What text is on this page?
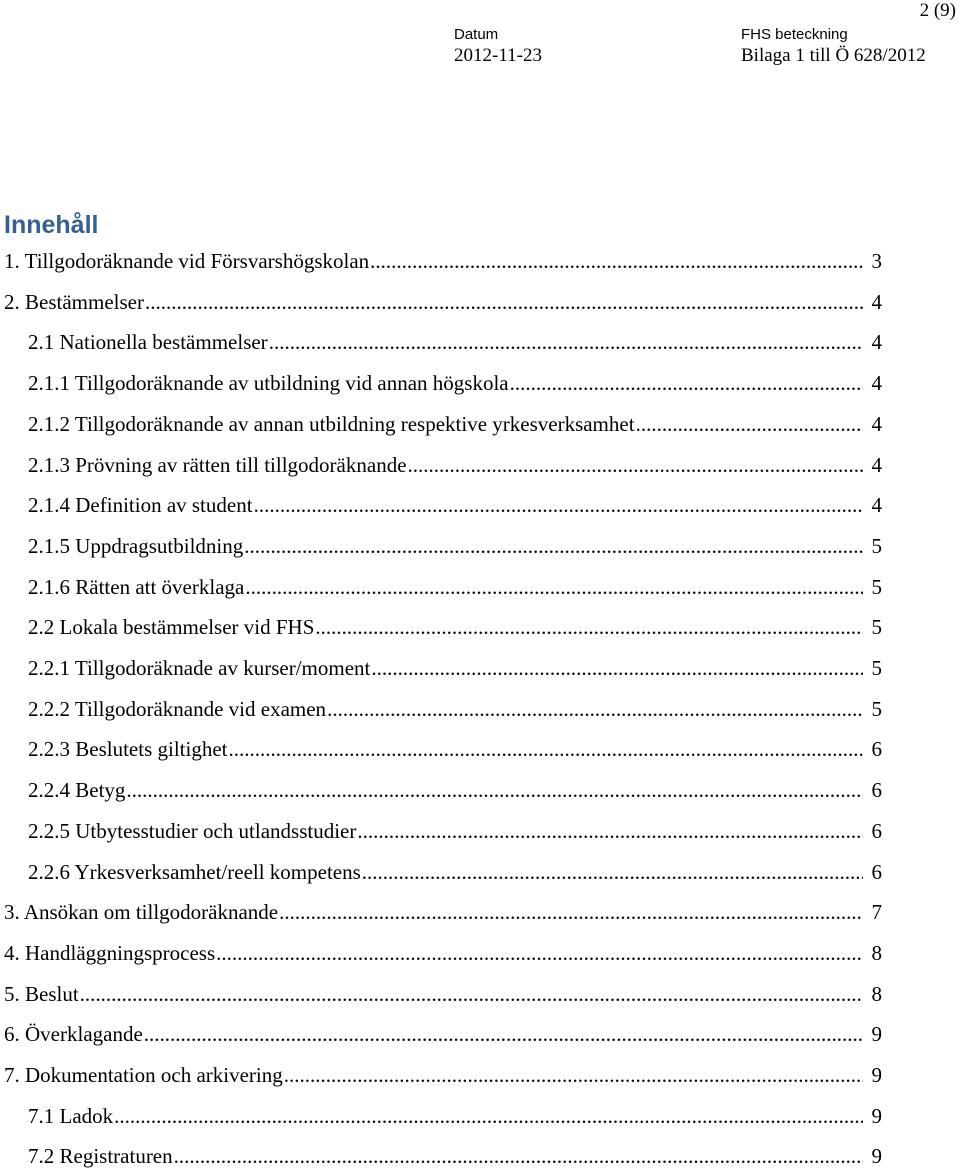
2 (9)
Datum
2012-11-23
FHS beteckning
Bilaga 1 till Ö 628/2012
Innehåll
1. Tillgodoräknande vid Försvarshögskolan .....	3
2. Bestämmelser .....	4
2.1 Nationella bestämmelser .....	4
2.1.1 Tillgodoräknande av utbildning vid annan högskola .....	4
2.1.2 Tillgodoräknande av annan utbildning respektive yrkesverksamhet .....	4
2.1.3 Prövning av rätten till tillgodoräknande .....	4
2.1.4 Definition av student .....	4
2.1.5 Uppdragsutbildning .....	5
2.1.6 Rätten att överklaga .....	5
2.2 Lokala bestämmelser vid FHS .....	5
2.2.1 Tillgodoräknade av kurser/moment .....	5
2.2.2 Tillgodoräknande vid examen .....	5
2.2.3 Beslutets giltighet .....	6
2.2.4 Betyg .....	6
2.2.5 Utbytesstudier och utlandsstudier .....	6
2.2.6 Yrkesverksamhet/reell kompetens .....	6
3. Ansökan om tillgodoräknande .....	7
4. Handläggningsprocess .....	8
5. Beslut .....	8
6. Överklagande .....	9
7. Dokumentation och arkivering .....	9
7.1 Ladok .....	9
7.2 Registraturen .....	9
